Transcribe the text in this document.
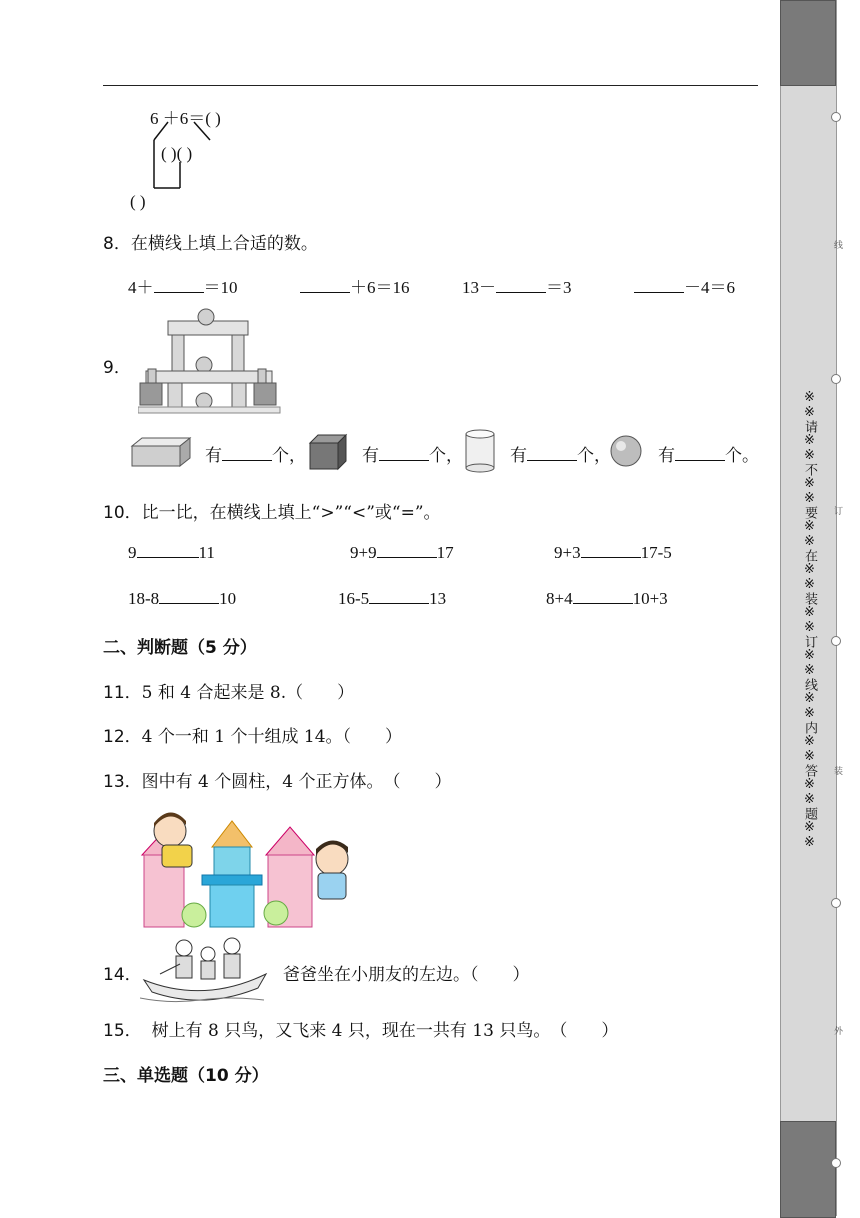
6 ＋6＝( )
( )( )
( )
8．在横线上填上合适的数。
4＋	＝10	＋6＝16	13－	＝3	－4＝6
9．
有	个，	有	个，	有	个，	有	个。
10．比一比，在横线上填上“>”“<”或“=”。
9	11	9+9	17	9+3	17-5
18-8	10	16-5	13	8+4	10+3
二、判断题（5 分）
11．5 和 4 合起来是 8.（　　）
12．4 个一和 1 个十组成 14。（　　）
13．图中有 4 个圆柱，4 个正方体。　（　　）
14．	爸爸坐在小朋友的左边。（　　）
15． 树上有 8 只鸟，又飞来 4 只，现在一共有 13 只鸟。　（　　）
三、单选题（10 分）
※※请※※不※※要※※在※※装※※订※※线※※内※※答※※题※※
线
订
装
外
